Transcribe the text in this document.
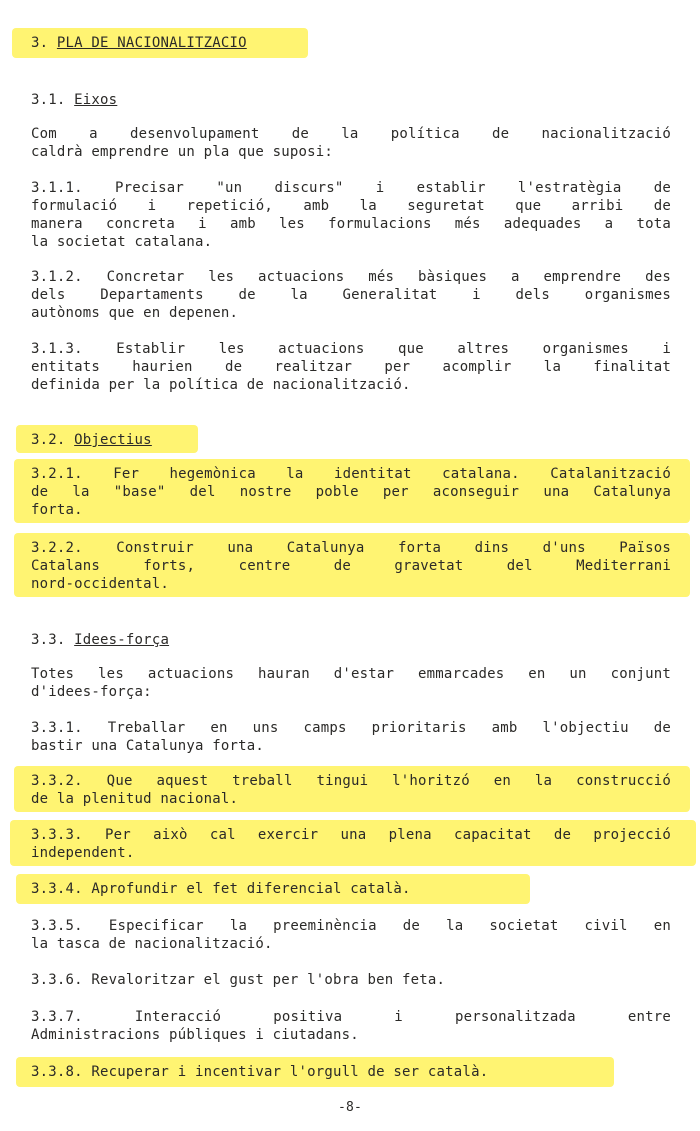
3. PLA DE NACIONALITZACIO
3.1. Eixos
Com a desenvolupament de la política de nacionalització
caldrà emprendre un pla que suposi:
3.1.1. Precisar "un discurs" i establir l'estratègia de
formulació i repetició, amb la seguretat que arribi de
manera concreta i amb les formulacions més adequades a tota
la societat catalana.
3.1.2. Concretar les actuacions més bàsiques a emprendre des
dels Departaments de la Generalitat i dels organismes
autònoms que en depenen.
3.1.3. Establir les actuacions que altres organismes i
entitats haurien de realitzar per acomplir la finalitat
definida per la política de nacionalització.
3.2. Objectius
3.2.1. Fer hegemònica la identitat catalana. Catalanització
de la "base" del nostre poble per aconseguir una Catalunya
forta.
3.2.2. Construir una Catalunya forta dins d'uns Països
Catalans forts, centre de gravetat del Mediterrani
nord-occidental.
3.3. Idees-força
Totes les actuacions hauran d'estar emmarcades en un conjunt
d'idees-força:
3.3.1. Treballar en uns camps prioritaris amb l'objectiu de
bastir una Catalunya forta.
3.3.2. Que aquest treball tingui l'horitzó en la construcció
de la plenitud nacional.
3.3.3. Per això cal exercir una plena capacitat de projecció
independent.
3.3.4. Aprofundir el fet diferencial català.
3.3.5. Especificar la preeminència de la societat civil en
la tasca de nacionalització.
3.3.6. Revaloritzar el gust per l'obra ben feta.
3.3.7. Interacció positiva i personalitzada entre
Administracions públiques i ciutadans.
3.3.8. Recuperar i incentivar l'orgull de ser català.
-8-
